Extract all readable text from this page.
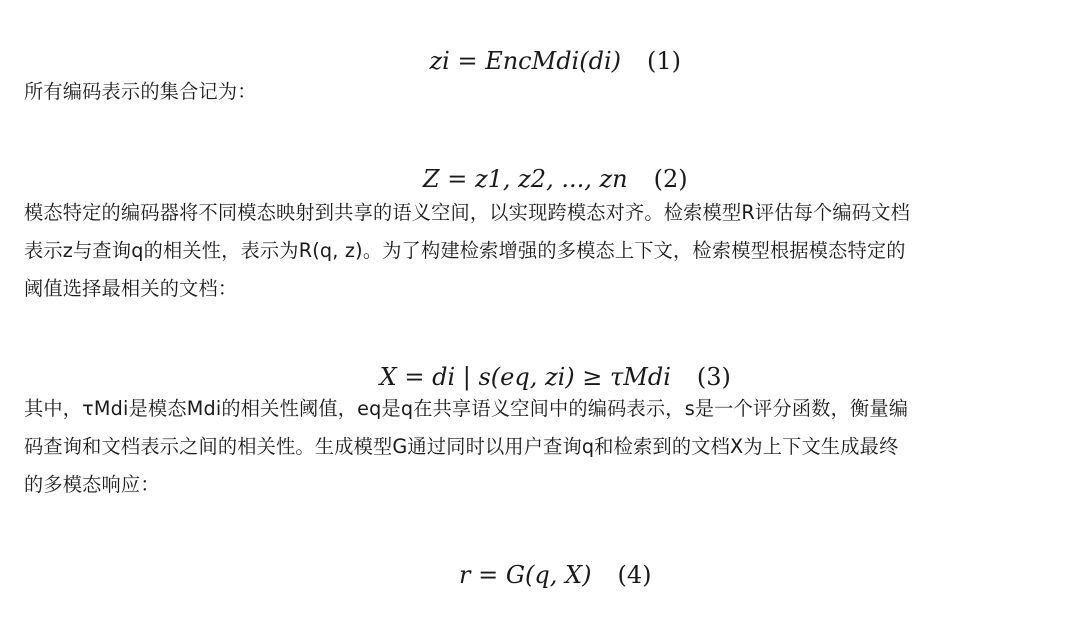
zi = EncMdi(di) (1)

所有编码表示的集合记为：

Z = z1, z2, ..., zn (2)

模态特定的编码器将不同模态映射到共享的语义空间，以实现跨模态对齐。检索模型R评估每个编码文档
表示z与查询q的相关性，表示为R(q, z)。为了构建检索增强的多模态上下文，检索模型根据模态特定的
阈值选择最相关的文档：

X = di | s(eq, zi) ≥ τMdi (3)

其中，τMdi是模态Mdi的相关性阈值，eq是q在共享语义空间中的编码表示，s是一个评分函数，衡量编
码查询和文档表示之间的相关性。生成模型G通过同时以用户查询q和检索到的文档X为上下文生成最终
的多模态响应：

r = G(q, X) (4)
